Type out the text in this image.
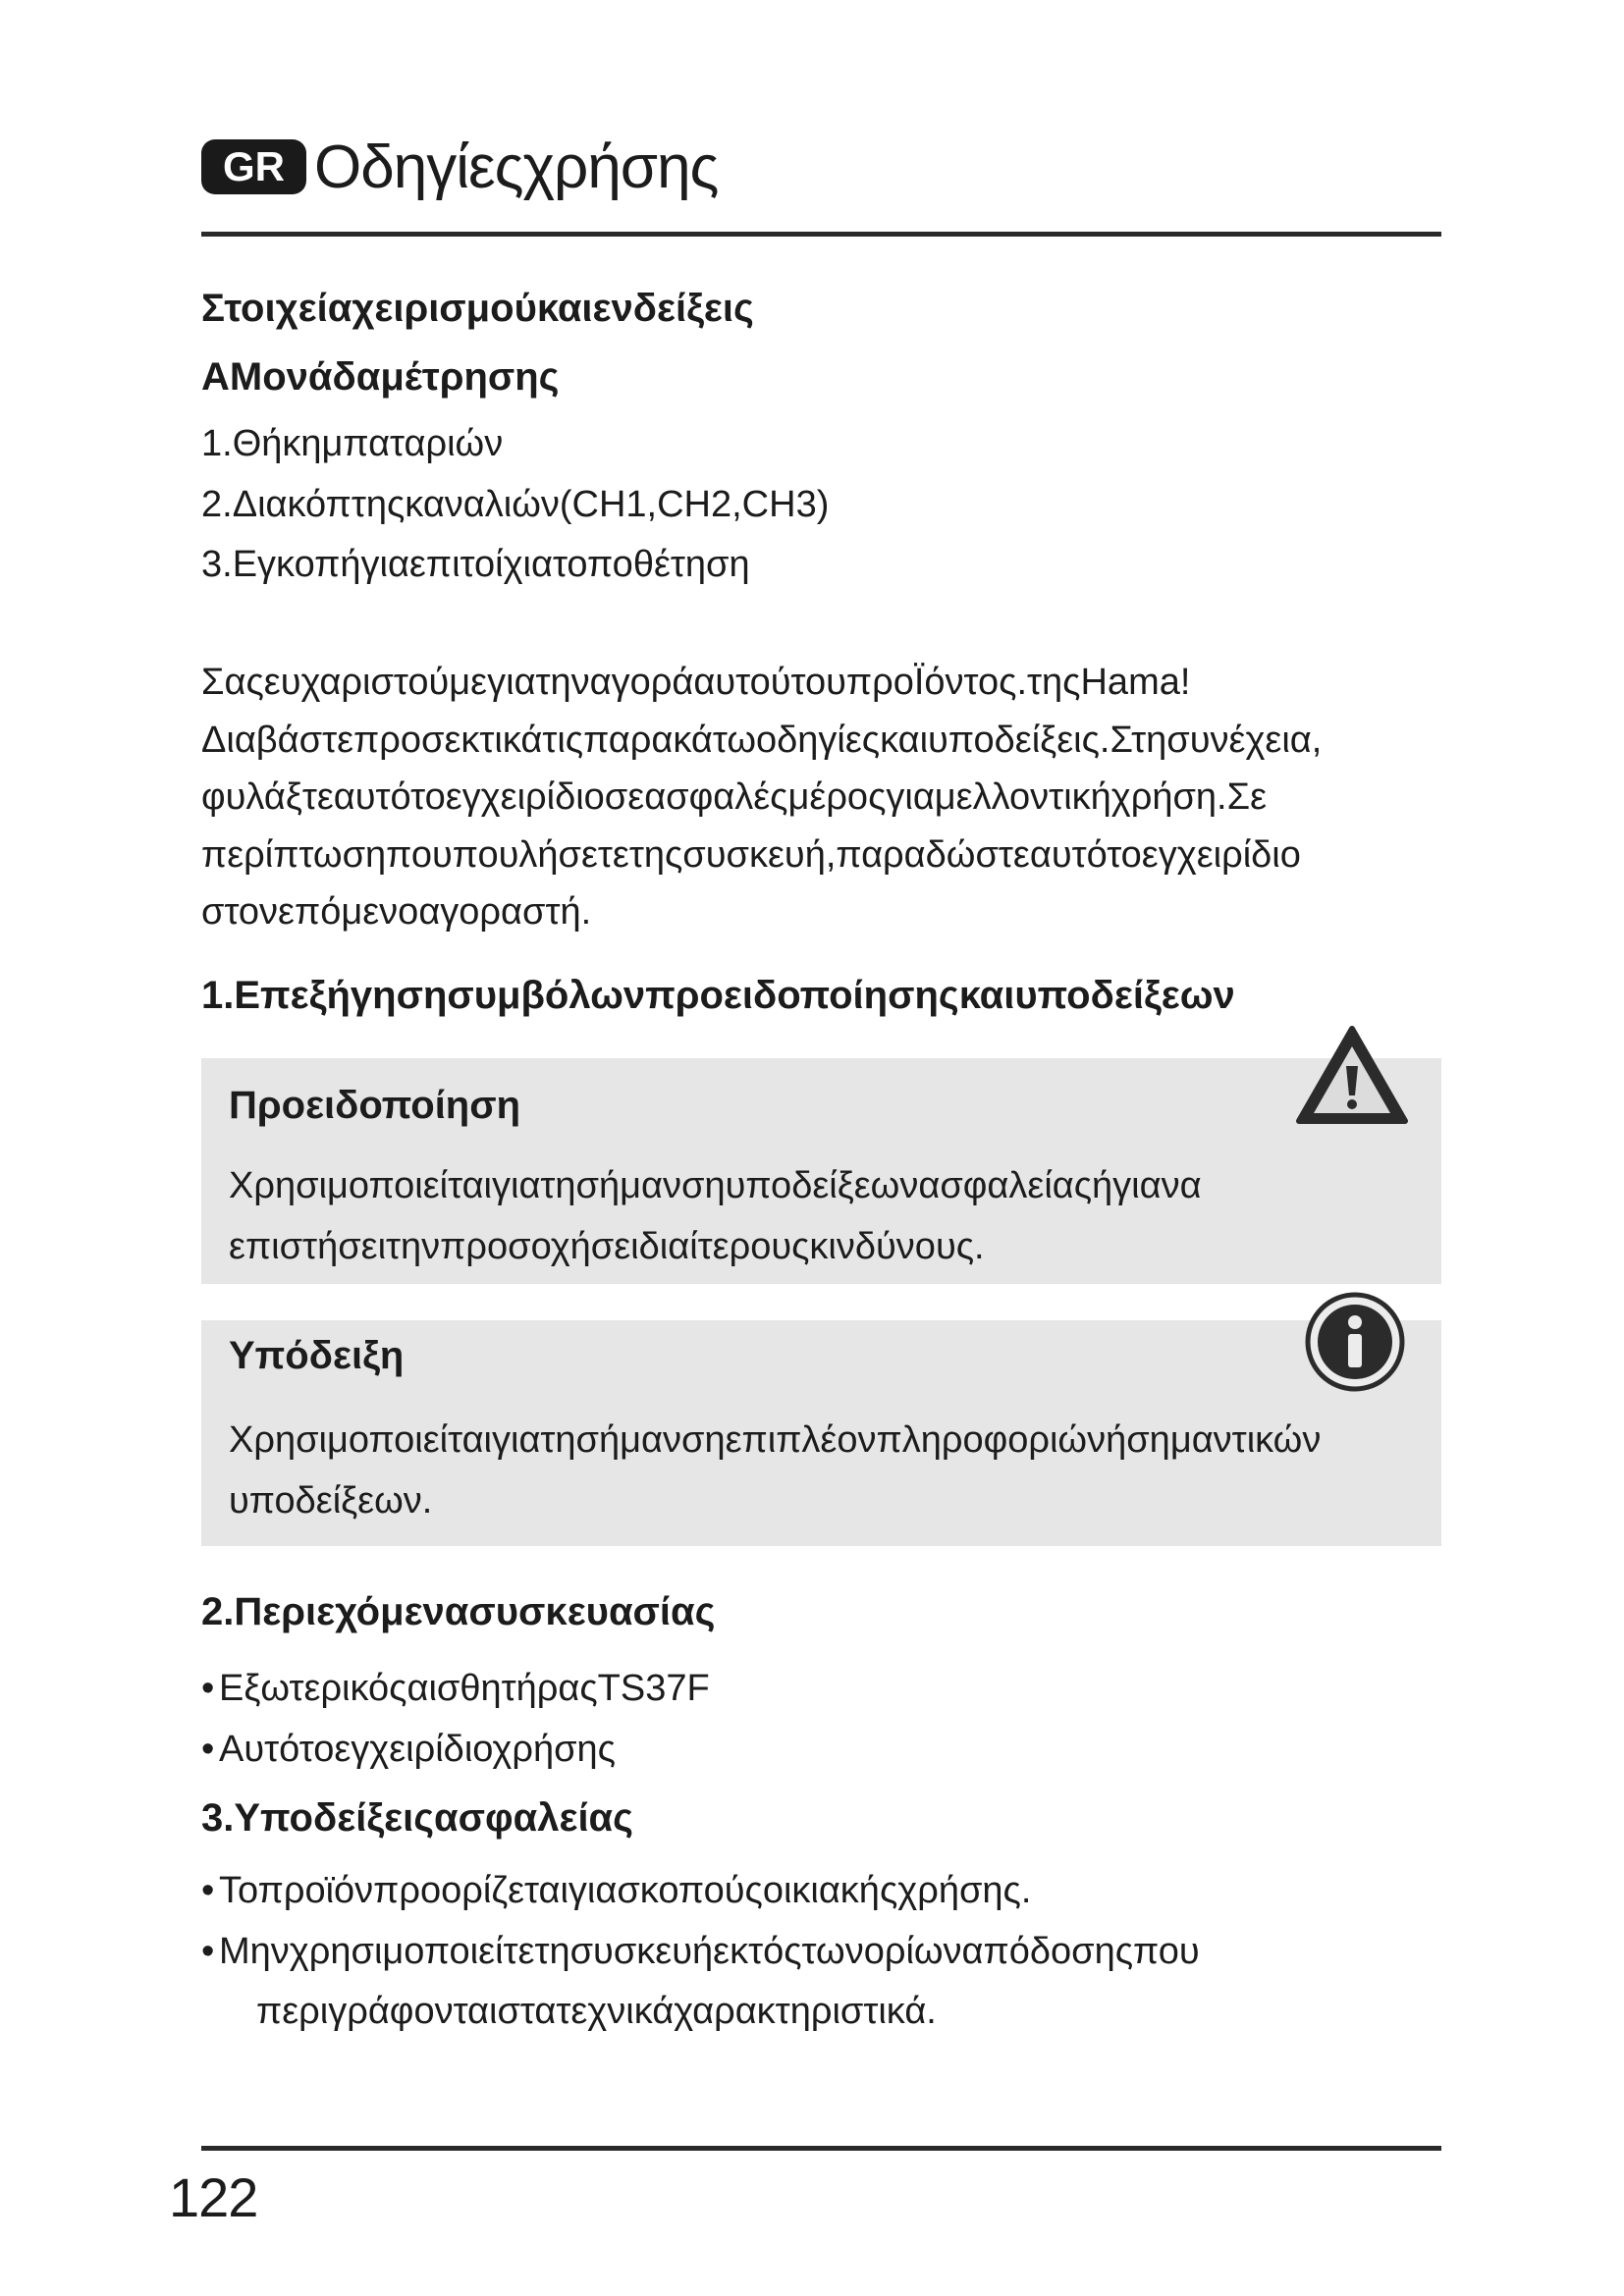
GR Οδηγίεςχρήσης

Στοιχείαχειρισμούκαιενδείξεις

AΜονάδαμέτρησης

1.Θήκημπαταριών

2.Διακόπτηςκαναλιών(CH1,CH2,CH3)

3.Εγκοπήγιαεπιτοίχιατοποθέτηση

ΣαςευχαριστούμεγιατηναγοράαυτούτουπροΪόντος.τηςHama!

Διαβάστεπροσεκτικάτιςπαρακάτωοδηγίεςκαιυποδείξεις.Στησυνέχεια,

φυλάξτεαυτότοεγχειρίδιοσεασφαλέςμέροςγιαμελλοντικήχρήση.Σε

περίπτωσηπουπουλήσετετηςσυσκευή,παραδώστεαυτότοεγχειρίδιο

στονεπόμενοαγοραστή.

1.Επεξήγησησυμβόλωνπροειδοποίησηςκαιυποδείξεων

Προειδοποίηση

Χρησιμοποιείταιγιατησήμανσηυποδείξεωνασφαλείαςήγιανα

επιστήσειτηνπροσοχήσειδιαίτερουςκινδύνους.

Υπόδειξη

Χρησιμοποιείταιγιατησήμανσηεπιπλέονπληροφοριώνήσημαντικών

υποδείξεων.

2.Περιεχόμενασυσκευασίας

• ΕξωτερικόςαισθητήραςTS37F

• Αυτότοεγχειρίδιοχρήσης

3.Υποδείξειςασφαλείας

• Τοπροϊόνπροορίζεταιγιασκοπούςοικιακήςχρήσης.

• Μηνχρησιμοποιείτετησυσκευήεκτόςτωνορίωναπόδοσηςπου

περιγράφονταιστατεχνικάχαρακτηριστικά.

122
